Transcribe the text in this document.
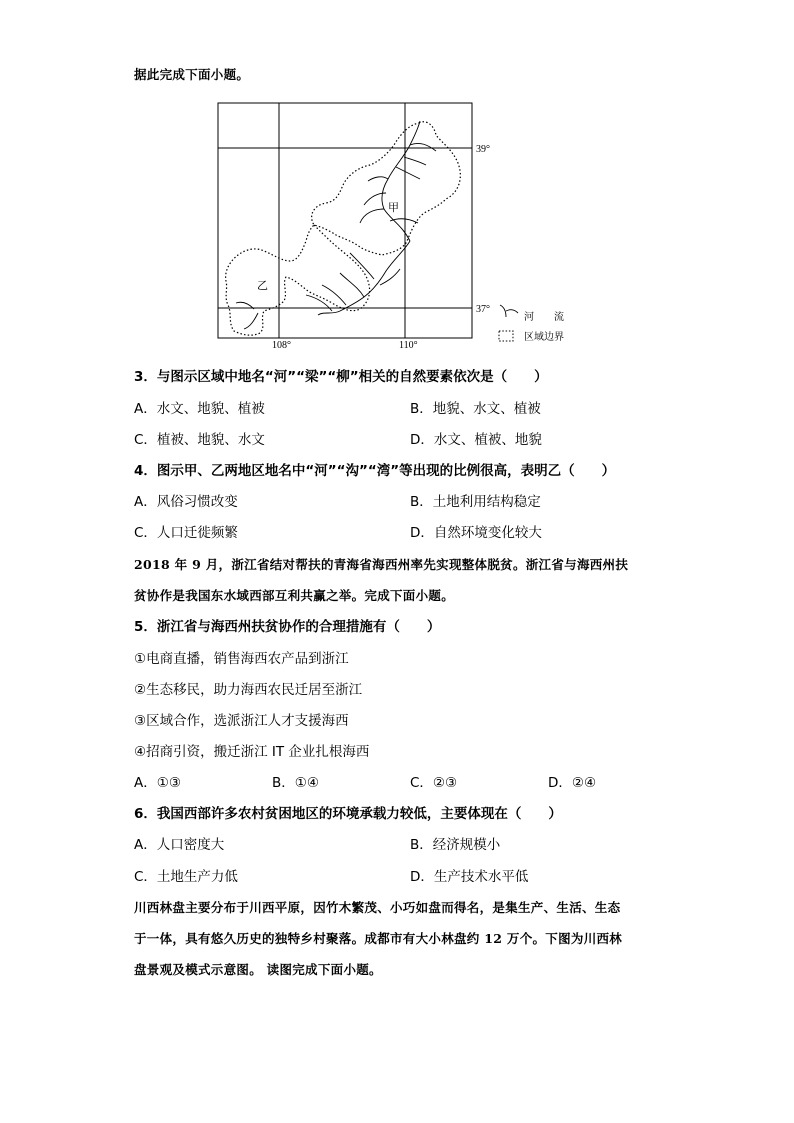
据此完成下面小题。
甲
乙
39°
37°
108°	110°
河　　流
区域边界
3．与图示区域中地名“河”“梁”“柳”相关的自然要素依次是（　　）
A．水文、地貌、植被	B．地貌、水文、植被
C．植被、地貌、水文	D．水文、植被、地貌
4．图示甲、乙两地区地名中“河”“沟”“湾”等出现的比例很高，表明乙（　　）
A．风俗习惯改变	B．土地利用结构稳定
C．人口迁徙频繁	D．自然环境变化较大
2018 年 9 月，浙江省结对帮扶的青海省海西州率先实现整体脱贫。浙江省与海西州扶
贫协作是我国东水域西部互利共赢之举。完成下面小题。
5．浙江省与海西州扶贫协作的合理措施有（　　）
①电商直播，销售海西农产品到浙江
②生态移民，助力海西农民迁居至浙江
③区域合作，选派浙江人才支援海西
④招商引资，搬迁浙江 IT 企业扎根海西
A．①③	B．①④	C．②③	D．②④
6．我国西部许多农村贫困地区的环境承载力较低，主要体现在（　　）
A．人口密度大	B．经济规模小
C．土地生产力低	D．生产技术水平低
川西林盘主要分布于川西平原，因竹木繁茂、小巧如盘而得名，是集生产、生活、生态
于一体，具有悠久历史的独特乡村聚落。成都市有大小林盘约 12 万个。下图为川西林
盘景观及模式示意图。 读图完成下面小题。
